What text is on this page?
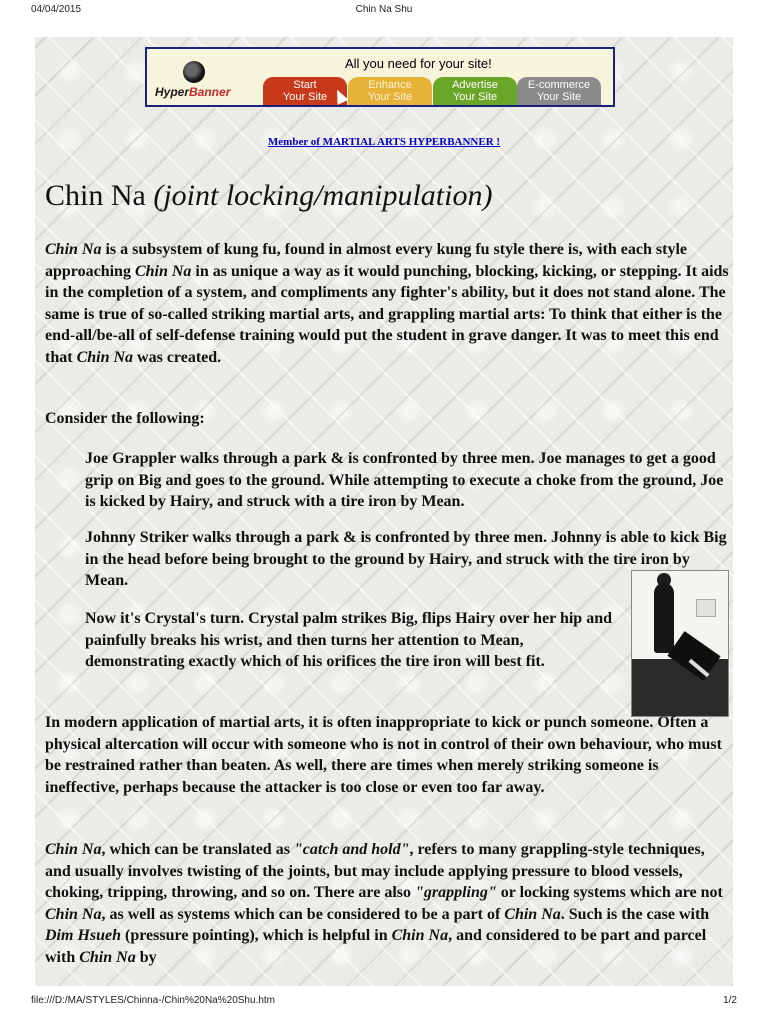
04/04/2015	Chin Na Shu
All you need for your site!
HyperBanner	Start
Your Site
Enhance
Your Site
Advertise
Your Site
E-commerce
Your Site
Member of MARTIAL ARTS HYPERBANNER !
Chin Na (joint locking/manipulation)

Chin Na is a subsystem of kung fu, found in almost every kung fu style there is, with each style approaching Chin Na in as unique a way as it would punching, blocking, kicking, or stepping. It aids in the completion of a system, and compliments any fighter's ability, but it does not stand alone. The same is true of so-called striking martial arts, and grappling martial arts: To think that either is the end-all/be-all of self-defense training would put the student in grave danger. It was to meet this end that Chin Na was created.

Consider the following:

Joe Grappler walks through a park & is confronted by three men. Joe manages to get a good grip on Big and goes to the ground. While attempting to execute a choke from the ground, Joe is kicked by Hairy, and struck with a tire iron by Mean.

Johnny Striker walks through a park & is confronted by three men. Johnny is able to kick Big in the head before being brought to the ground by Hairy, and struck with the tire iron by Mean.

Now it's Crystal's turn. Crystal palm strikes Big, flips Hairy over her hip and painfully breaks his wrist, and then turns her attention to Mean, demonstrating exactly which of his orifices the tire iron will best fit.

In modern application of martial arts, it is often inappropriate to kick or punch someone. Often a physical altercation will occur with someone who is not in control of their own behaviour, who must be restrained rather than beaten. As well, there are times when merely striking someone is ineffective, perhaps because the attacker is too close or even too far away.

Chin Na, which can be translated as "catch and hold", refers to many grappling-style techniques, and usually involves twisting of the joints, but may include applying pressure to blood vessels, choking, tripping, throwing, and so on. There are also "grappling" or locking systems which are not Chin Na, as well as systems which can be considered to be a part of Chin Na. Such is the case with Dim Hsueh (pressure pointing), which is helpful in Chin Na, and considered to be part and parcel with Chin Na by

file:///D:/MA/STYLES/Chinna-/Chin%20Na%20Shu.htm	1/2
